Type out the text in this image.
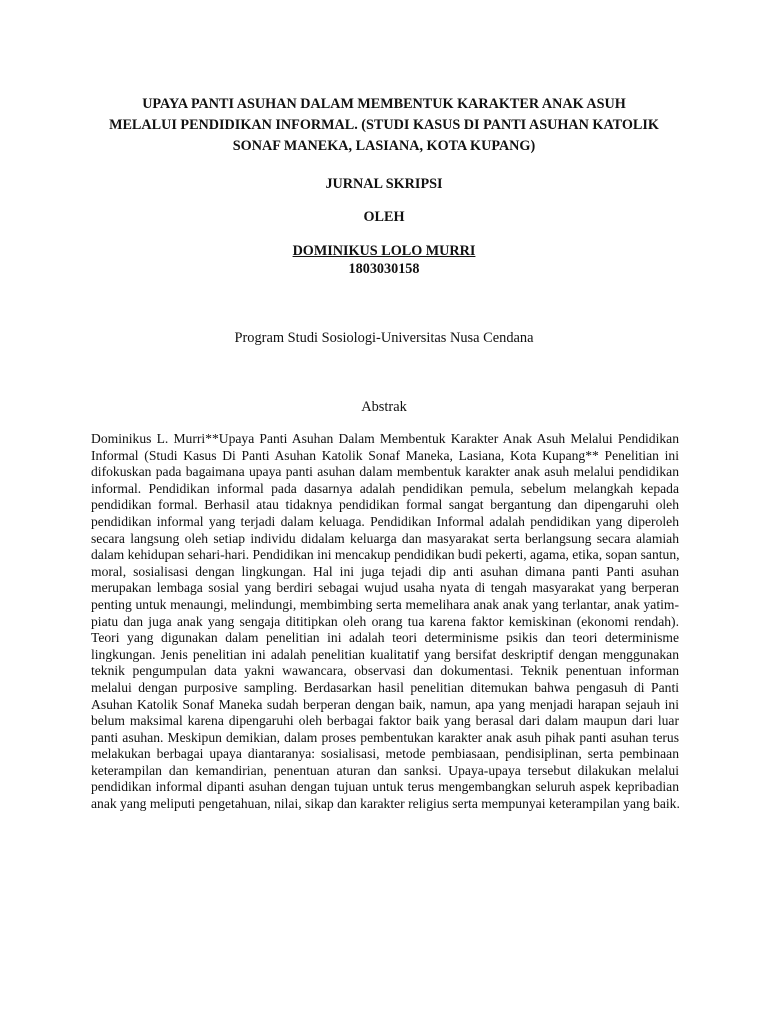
UPAYA PANTI ASUHAN DALAM MEMBENTUK KARAKTER ANAK ASUH
MELALUI PENDIDIKAN INFORMAL. (STUDI KASUS DI PANTI ASUHAN KATOLIK
SONAF MANEKA, LASIANA, KOTA KUPANG)
JURNAL SKRIPSI
OLEH
DOMINIKUS LOLO MURRI
1803030158
Program Studi Sosiologi-Universitas Nusa Cendana
Abstrak
Dominikus L. Murri**Upaya Panti Asuhan Dalam Membentuk Karakter Anak Asuh Melalui Pendidikan
Informal (Studi Kasus Di Panti Asuhan Katolik Sonaf Maneka, Lasiana, Kota Kupang** Penelitian ini
difokuskan pada bagaimana upaya panti asuhan dalam membentuk karakter anak asuh melalui pendidikan
informal. Pendidikan informal pada dasarnya adalah pendidikan pemula, sebelum melangkah kepada
pendidikan formal. Berhasil atau tidaknya pendidikan formal sangat bergantung dan dipengaruhi oleh
pendidikan informal yang terjadi dalam keluaga. Pendidikan Informal adalah pendidikan yang diperoleh
secara langsung oleh setiap individu didalam keluarga dan masyarakat serta berlangsung secara alamiah
dalam kehidupan sehari-hari. Pendidikan ini mencakup pendidikan budi pekerti, agama, etika, sopan santun,
moral, sosialisasi dengan lingkungan. Hal ini juga tejadi dip anti asuhan dimana panti Panti asuhan
merupakan lembaga sosial yang berdiri sebagai wujud usaha nyata di tengah masyarakat yang berperan
penting untuk menaungi, melindungi, membimbing serta memelihara anak anak yang terlantar, anak yatim-
piatu dan juga anak yang sengaja dititipkan oleh orang tua karena faktor kemiskinan (ekonomi rendah).
Teori yang digunakan dalam penelitian ini adalah teori determinisme psikis dan teori determinisme
lingkungan. Jenis penelitian ini adalah penelitian kualitatif yang bersifat deskriptif dengan menggunakan
teknik pengumpulan data yakni wawancara, observasi dan dokumentasi. Teknik penentuan informan
melalui dengan purposive sampling. Berdasarkan hasil penelitian ditemukan bahwa pengasuh di Panti
Asuhan Katolik Sonaf Maneka sudah berperan dengan baik, namun, apa yang menjadi harapan sejauh ini
belum maksimal karena dipengaruhi oleh berbagai faktor baik yang berasal dari dalam maupun dari luar
panti asuhan. Meskipun demikian, dalam proses pembentukan karakter anak asuh pihak panti asuhan terus
melakukan berbagai upaya diantaranya: sosialisasi, metode pembiasaan, pendisiplinan, serta pembinaan
keterampilan dan kemandirian, penentuan aturan dan sanksi. Upaya-upaya tersebut dilakukan melalui
pendidikan informal dipanti asuhan dengan tujuan untuk terus mengembangkan seluruh aspek kepribadian
anak yang meliputi pengetahuan, nilai, sikap dan karakter religius serta mempunyai keterampilan yang baik.
